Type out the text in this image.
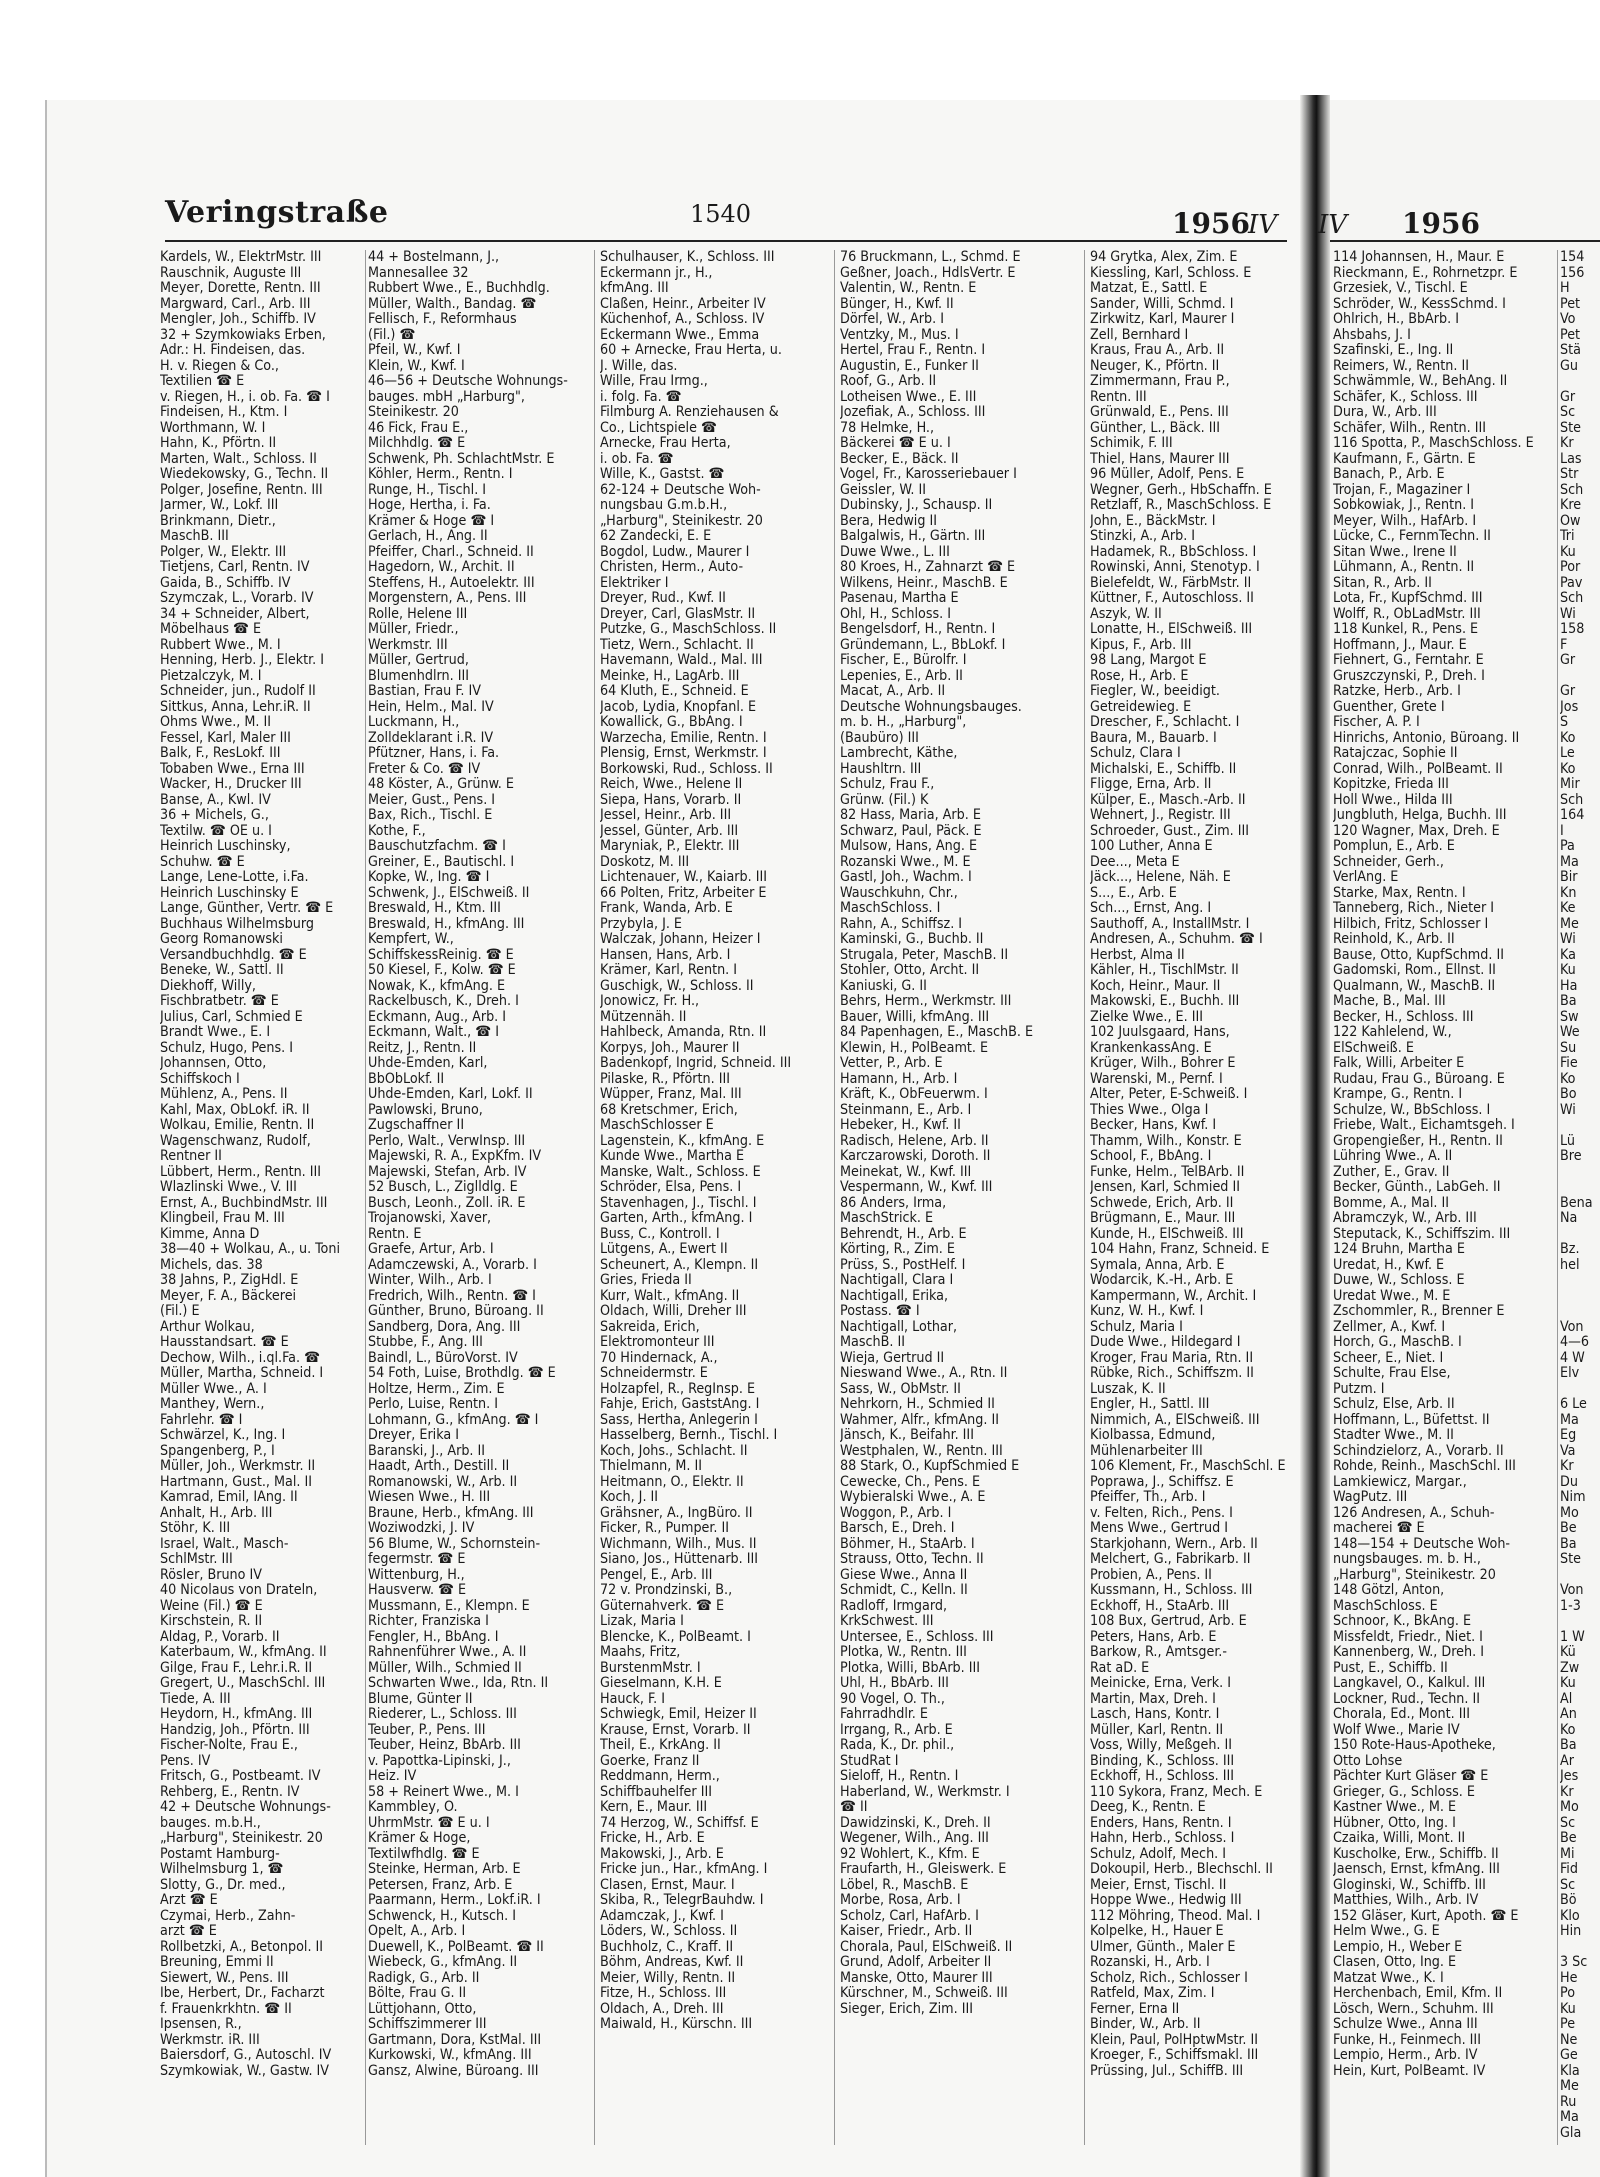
Veringstraße	1540	1956
IV IV 1956
Kardels, W., ElektrMstr. III
Rauschnik, Auguste III
Meyer, Dorette, Rentn. III
Margward, Carl., Arb. III
Mengler, Joh., Schiffb. IV
32 + Szymkowiaks Erben,
Adr.: H. Findeisen, das.
H. v. Riegen & Co.,
Textilien ☎ E
v. Riegen, H., i. ob. Fa. ☎ I
Findeisen, H., Ktm. I
Worthmann, W. I
Hahn, K., Pförtn. II
Marten, Walt., Schloss. II
Wiedekowsky, G., Techn. II
Polger, Josefine, Rentn. III
Jarmer, W., Lokf. III
Brinkmann, Dietr.,
MaschB. III
Polger, W., Elektr. III
Tietjens, Carl, Rentn. IV
Gaida, B., Schiffb. IV
Szymczak, L., Vorarb. IV
34 + Schneider, Albert,
Möbelhaus ☎ E
Rubbert Wwe., M. I
Henning, Herb. J., Elektr. I
Pietzalczyk, M. I
Schneider, jun., Rudolf II
Sittkus, Anna, Lehr.iR. II
Ohms Wwe., M. II
Fessel, Karl, Maler III
Balk, F., ResLokf. III
Tobaben Wwe., Erna III
Wacker, H., Drucker III
Banse, A., Kwl. IV
36 + Michels, G.,
Textilw. ☎ OE u. I
Heinrich Luschinsky,
Schuhw. ☎ E
Lange, Lene-Lotte, i.Fa.
Heinrich Luschinsky E
Lange, Günther, Vertr. ☎ E
Buchhaus Wilhelmsburg
Georg Romanowski
Versandbuchhdlg. ☎ E
Beneke, W., Sattl. II
Diekhoff, Willy,
Fischbratbetr. ☎ E
Julius, Carl, Schmied E
Brandt Wwe., E. I
Schulz, Hugo, Pens. I
Johannsen, Otto,
Schiffskoch I
Mühlenz, A., Pens. II
Kahl, Max, ObLokf. iR. II
Wolkau, Emilie, Rentn. II
Wagenschwanz, Rudolf,
Rentner II
Lübbert, Herm., Rentn. III
Wlazlinski Wwe., V. III
Ernst, A., BuchbindMstr. III
Klingbeil, Frau M. III
Kimme, Anna D
38—40 + Wolkau, A., u. Toni
Michels, das. 38
38 Jahns, P., ZigHdl. E
Meyer, F. A., Bäckerei
(Fil.) E
Arthur Wolkau,
Hausstandsart. ☎ E
Dechow, Wilh., i.ql.Fa. ☎
Müller, Martha, Schneid. I
Müller Wwe., A. I
Manthey, Wern.,
Fahrlehr. ☎ I
Schwärzel, K., Ing. I
Spangenberg, P., I
Müller, Joh., Werkmstr. II
Hartmann, Gust., Mal. II
Kamrad, Emil, IAng. II
Anhalt, H., Arb. III
Stöhr, K. III
Israel, Walt., Masch-
SchlMstr. III
Rösler, Bruno IV
40 Nicolaus von Drateln,
Weine (Fil.) ☎ E
Kirschstein, R. II
Aldag, P., Vorarb. II
Katerbaum, W., kfmAng. II
Gilge, Frau F., Lehr.i.R. II
Gregert, U., MaschSchl. III
Tiede, A. III
Heydorn, H., kfmAng. III
Handzig, Joh., Pförtn. III
Fischer-Nolte, Frau E.,
Pens. IV
Fritsch, G., Postbeamt. IV
Rehberg, E., Rentn. IV
42 + Deutsche Wohnungs-
bauges. m.b.H.,
„Harburg", Steinikestr. 20
Postamt Hamburg-
Wilhelmsburg 1, ☎
Slotty, G., Dr. med.,
Arzt ☎ E
Czymai, Herb., Zahn-
arzt ☎ E
Rollbetzki, A., Betonpol. II
Breuning, Emmi II
Siewert, W., Pens. III
Ibe, Herbert, Dr., Facharzt
f. Frauenkrkhtn. ☎ II
Ipsensen, R.,
Werkmstr. iR. III
Baiersdorf, G., Autoschl. IV
Szymkowiak, W., Gastw. IV
44 + Bostelmann, J.,
Mannesallee 32
Rubbert Wwe., E., Buchhdlg.
Müller, Walth., Bandag. ☎
Fellisch, F., Reformhaus
(Fil.) ☎
Pfeil, W., Kwf. I
Klein, W., Kwf. I
46—56 + Deutsche Wohnungs-
bauges. mbH „Harburg",
Steinikestr. 20
46 Fick, Frau E.,
Milchhdlg. ☎ E
Schwenk, Ph. SchlachtMstr. E
Köhler, Herm., Rentn. I
Runge, H., Tischl. I
Hoge, Hertha, i. Fa.
Krämer & Hoge ☎ I
Gerlach, H., Ang. II
Pfeiffer, Charl., Schneid. II
Hagedorn, W., Archit. II
Steffens, H., Autoelektr. III
Morgenstern, A., Pens. III
Rolle, Helene III
Müller, Friedr.,
Werkmstr. III
Müller, Gertrud,
Blumenhdlrn. III
Bastian, Frau F. IV
Hein, Helm., Mal. IV
Luckmann, H.,
Zolldeklarant i.R. IV
Pfützner, Hans, i. Fa.
Freter & Co. ☎ IV
48 Köster, A., Grünw. E
Meier, Gust., Pens. I
Bax, Rich., Tischl. E
Kothe, F.,
Bauschutzfachm. ☎ I
Greiner, E., Bautischl. I
Kopke, W., Ing. ☎ I
Schwenk, J., ElSchweiß. II
Breswald, H., Ktm. III
Breswald, H., kfmAng. III
Kempfert, W.,
SchiffskessReinig. ☎ E
50 Kiesel, F., Kolw. ☎ E
Nowak, K., kfmAng. E
Rackelbusch, K., Dreh. I
Eckmann, Aug., Arb. I
Eckmann, Walt., ☎ I
Reitz, J., Rentn. II
Uhde-Emden, Karl,
BbObLokf. II
Uhde-Emden, Karl, Lokf. II
Pawlowski, Bruno,
Zugschaffner II
Perlo, Walt., VerwInsp. III
Majewski, R. A., ExpKfm. IV
Majewski, Stefan, Arb. IV
52 Busch, L., Ziglldlg. E
Busch, Leonh., Zoll. iR. E
Trojanowski, Xaver,
Rentn. E
Graefe, Artur, Arb. I
Adamczewski, A., Vorarb. I
Winter, Wilh., Arb. I
Fredrich, Wilh., Rentn. ☎ I
Günther, Bruno, Büroang. II
Sandberg, Dora, Ang. III
Stubbe, F., Ang. III
Baindl, L., BüroVorst. IV
54 Foth, Luise, Brothdlg. ☎ E
Holtze, Herm., Zim. E
Perlo, Luise, Rentn. I
Lohmann, G., kfmAng. ☎ I
Dreyer, Erika I
Baranski, J., Arb. II
Haadt, Arth., Destill. II
Romanowski, W., Arb. II
Wiesen Wwe., H. III
Braune, Herb., kfmAng. III
Woziwodzki, J. IV
56 Blume, W., Schornstein-
fegermstr. ☎ E
Wittenburg, H.,
Hausverw. ☎ E
Mussmann, E., Klempn. E
Richter, Franziska I
Fengler, H., BbAng. I
Rahnenführer Wwe., A. II
Müller, Wilh., Schmied II
Schwarten Wwe., Ida, Rtn. II
Blume, Günter II
Riederer, L., Schloss. III
Teuber, P., Pens. III
Teuber, Heinz, BbArb. III
v. Papottka-Lipinski, J.,
Heiz. IV
58 + Reinert Wwe., M. I
Kammbley, O.
UhrmMstr. ☎ E u. I
Krämer & Hoge,
Textilwfhdlg. ☎ E
Steinke, Herman, Arb. E
Petersen, Franz, Arb. E
Paarmann, Herm., Lokf.iR. I
Schwenck, H., Kutsch. I
Opelt, A., Arb. I
Duewell, K., PolBeamt. ☎ II
Wiebeck, G., kfmAng. II
Radigk, G., Arb. II
Bölte, Frau G. II
Lüttjohann, Otto,
Schiffszimmerer III
Gartmann, Dora, KstMal. III
Kurkowski, W., kfmAng. III
Gansz, Alwine, Büroang. III
Schulhauser, K., Schloss. III
Eckermann jr., H.,
kfmAng. III
Claßen, Heinr., Arbeiter IV
Küchenhof, A., Schloss. IV
Eckermann Wwe., Emma
60 + Arnecke, Frau Herta, u.
J. Wille, das.
Wille, Frau Irmg.,
i. folg. Fa. ☎
Filmburg A. Renziehausen &
Co., Lichtspiele ☎
Arnecke, Frau Herta,
i. ob. Fa. ☎
Wille, K., Gastst. ☎
62-124 + Deutsche Woh-
nungsbau G.m.b.H.,
„Harburg", Steinikestr. 20
62 Zandecki, E. E
Bogdol, Ludw., Maurer I
Christen, Herm., Auto-
Elektriker I
Dreyer, Rud., Kwf. II
Dreyer, Carl, GlasMstr. II
Putzke, G., MaschSchloss. II
Tietz, Wern., Schlacht. II
Havemann, Wald., Mal. III
Meinke, H., LagArb. III
64 Kluth, E., Schneid. E
Jacob, Lydia, Knopfanl. E
Kowallick, G., BbAng. I
Warzecha, Emilie, Rentn. I
Plensig, Ernst, Werkmstr. I
Borkowski, Rud., Schloss. II
Reich, Wwe., Helene II
Siepa, Hans, Vorarb. II
Jessel, Heinr., Arb. III
Jessel, Günter, Arb. III
Maryniak, P., Elektr. III
Doskotz, M. III
Lichtenauer, W., Kaiarb. III
66 Polten, Fritz, Arbeiter E
Frank, Wanda, Arb. E
Przybyla, J. E
Walczak, Johann, Heizer I
Hansen, Hans, Arb. I
Krämer, Karl, Rentn. I
Guschigk, W., Schloss. II
Jonowicz, Fr. H.,
Mützennäh. II
Hahlbeck, Amanda, Rtn. II
Korpys, Joh., Maurer II
Badenkopf, Ingrid, Schneid. III
Pilaske, R., Pförtn. III
Wüpper, Franz, Mal. III
68 Kretschmer, Erich,
MaschSchlosser E
Lagenstein, K., kfmAng. E
Kunde Wwe., Martha E
Manske, Walt., Schloss. E
Schröder, Elsa, Pens. I
Stavenhagen, J., Tischl. I
Garten, Arth., kfmAng. I
Buss, C., Kontroll. I
Lütgens, A., Ewert II
Scheunert, A., Klempn. II
Gries, Frieda II
Kurr, Walt., kfmAng. II
Oldach, Willi, Dreher III
Sakreida, Erich,
Elektromonteur III
70 Hindernack, A.,
Schneidermstr. E
Holzapfel, R., RegInsp. E
Fahje, Erich, GaststAng. I
Sass, Hertha, Anlegerin I
Hasselberg, Bernh., Tischl. I
Koch, Johs., Schlacht. II
Thielmann, M. II
Heitmann, O., Elektr. II
Koch, J. II
Grähsner, A., IngBüro. II
Ficker, R., Pumper. II
Wichmann, Wilh., Mus. II
Siano, Jos., Hüttenarb. III
Pengel, E., Arb. III
72 v. Prondzinski, B.,
Güternahverk. ☎ E
Lizak, Maria I
Blencke, K., PolBeamt. I
Maahs, Fritz,
BurstenmMstr. I
Gieselmann, K.H. E
Hauck, F. I
Schwiegk, Emil, Heizer II
Krause, Ernst, Vorarb. II
Theil, E., KrkAng. II
Goerke, Franz II
Reddmann, Herm.,
Schiffbauhelfer III
Kern, E., Maur. III
74 Herzog, W., Schiffsf. E
Fricke, H., Arb. E
Makowski, J., Arb. E
Fricke jun., Har., kfmAng. I
Clasen, Ernst, Maur. I
Skiba, R., TelegrBauhdw. I
Adamczak, J., Kwf. I
Löders, W., Schloss. II
Buchholz, C., Kraff. II
Böhm, Andreas, Kwf. II
Meier, Willy, Rentn. II
Fitze, H., Schloss. III
Oldach, A., Dreh. III
Maiwald, H., Kürschn. III
76 Bruckmann, L., Schmd. E
Geßner, Joach., HdlsVertr. E
Valentin, W., Rentn. E
Bünger, H., Kwf. II
Dörfel, W., Arb. I
Ventzky, M., Mus. I
Hertel, Frau F., Rentn. I
Augustin, E., Funker II
Roof, G., Arb. II
Lotheisen Wwe., E. III
Jozefiak, A., Schloss. III
78 Helmke, H.,
Bäckerei ☎ E u. I
Becker, E., Bäck. II
Vogel, Fr., Karosseriebauer I
Geissler, W. II
Dubinsky, J., Schausp. II
Bera, Hedwig II
Balgalwis, H., Gärtn. III
Duwe Wwe., L. III
80 Kroes, H., Zahnarzt ☎ E
Wilkens, Heinr., MaschB. E
Pasenau, Martha E
Ohl, H., Schloss. I
Bengelsdorf, H., Rentn. I
Gründemann, L., BbLokf. I
Fischer, E., Bürolfr. I
Lepenies, E., Arb. II
Macat, A., Arb. II
Deutsche Wohnungsbauges.
m. b. H., „Harburg",
(Baubüro) III
Lambrecht, Käthe,
Haushltrn. III
Schulz, Frau F.,
Grünw. (Fil.) K
82 Hass, Maria, Arb. E
Schwarz, Paul, Päck. E
Mulsow, Hans, Ang. E
Rozanski Wwe., M. E
Gastl, Joh., Wachm. I
Wauschkuhn, Chr.,
MaschSchloss. I
Rahn, A., Schiffsz. I
Kaminski, G., Buchb. II
Strugala, Peter, MaschB. II
Stohler, Otto, Archt. II
Kaniuski, G. II
Behrs, Herm., Werkmstr. III
Bauer, Willi, kfmAng. III
84 Papenhagen, E., MaschB. E
Klewin, H., PolBeamt. E
Vetter, P., Arb. E
Hamann, H., Arb. I
Kräft, K., ObFeuerwm. I
Steinmann, E., Arb. I
Hebeker, H., Kwf. II
Radisch, Helene, Arb. II
Karczarowski, Doroth. II
Meinekat, W., Kwf. III
Vespermann, W., Kwf. III
86 Anders, Irma,
MaschStrick. E
Behrendt, H., Arb. E
Körting, R., Zim. E
Prüss, S., PostHelf. I
Nachtigall, Clara I
Nachtigall, Erika,
Postass. ☎ I
Nachtigall, Lothar,
MaschB. II
Wieja, Gertrud II
Nieswand Wwe., A., Rtn. II
Sass, W., ObMstr. II
Nehrkorn, H., Schmied II
Wahmer, Alfr., kfmAng. II
Jänsch, K., Beifahr. III
Westphalen, W., Rentn. III
88 Stark, O., KupfSchmied E
Cewecke, Ch., Pens. E
Wybieralski Wwe., A. E
Woggon, P., Arb. I
Barsch, E., Dreh. I
Böhmer, H., StaArb. I
Strauss, Otto, Techn. II
Giese Wwe., Anna II
Schmidt, C., Kelln. II
Radloff, Irmgard,
KrkSchwest. III
Untersee, E., Schloss. III
Plotka, W., Rentn. III
Plotka, Willi, BbArb. III
Uhl, H., BbArb. III
90 Vogel, O. Th.,
Fahrradhdlr. E
Irrgang, R., Arb. E
Rada, K., Dr. phil.,
StudRat I
Sieloff, H., Rentn. I
Haberland, W., Werkmstr. I
☎ II
Dawidzinski, K., Dreh. II
Wegener, Wilh., Ang. III
92 Wohlert, K., Kfm. E
Fraufarth, H., Gleiswerk. E
Löbel, R., MaschB. E
Morbe, Rosa, Arb. I
Scholz, Carl, HafArb. I
Kaiser, Friedr., Arb. II
Chorala, Paul, ElSchweiß. II
Grund, Adolf, Arbeiter II
Manske, Otto, Maurer III
Kürschner, M., Schweiß. III
Sieger, Erich, Zim. III
94 Grytka, Alex, Zim. E
Kiessling, Karl, Schloss. E
Matzat, E., Sattl. E
Sander, Willi, Schmd. I
Zirkwitz, Karl, Maurer I
Zell, Bernhard I
Kraus, Frau A., Arb. II
Neuger, K., Pförtn. II
Zimmermann, Frau P.,
Rentn. III
Grünwald, E., Pens. III
Günther, L., Bäck. III
Schimik, F. III
Thiel, Hans, Maurer III
96 Müller, Adolf, Pens. E
Wegner, Gerh., HbSchaffn. E
Retzlaff, R., MaschSchloss. E
John, E., BäckMstr. I
Stinzki, A., Arb. I
Hadamek, R., BbSchloss. I
Rowinski, Anni, Stenotyp. I
Bielefeldt, W., FärbMstr. II
Küttner, F., Autoschloss. II
Aszyk, W. II
Lonatte, H., ElSchweiß. III
Kipus, F., Arb. III
98 Lang, Margot E
Rose, H., Arb. E
Fiegler, W., beeidigt.
Getreidewieg. E
Drescher, F., Schlacht. I
Baura, M., Bauarb. I
Schulz, Clara I
Michalski, E., Schiffb. II
Fligge, Erna, Arb. II
Külper, E., Masch.-Arb. II
Wehnert, J., Registr. III
Schroeder, Gust., Zim. III
100 Luther, Anna E
Dee..., Meta E
Jäck..., Helene, Näh. E
S..., E., Arb. E
Sch..., Ernst, Ang. I
Sauthoff, A., InstallMstr. I
Andresen, A., Schuhm. ☎ I
Herbst, Alma II
Kähler, H., TischlMstr. II
Koch, Heinr., Maur. II
Makowski, E., Buchh. III
Zielke Wwe., E. III
102 Juulsgaard, Hans,
KrankenkassAng. E
Krüger, Wilh., Bohrer E
Warenski, M., Pernf. I
Alter, Peter, E-Schweiß. I
Thies Wwe., Olga I
Becker, Hans, Kwf. I
Thamm, Wilh., Konstr. E
School, F., BbAng. I
Funke, Helm., TelBArb. II
Jensen, Karl, Schmied II
Schwede, Erich, Arb. II
Brügmann, E., Maur. III
Kunde, H., ElSchweiß. III
104 Hahn, Franz, Schneid. E
Symala, Anna, Arb. E
Wodarcik, K.-H., Arb. E
Kampermann, W., Archit. I
Kunz, W. H., Kwf. I
Schulz, Maria I
Dude Wwe., Hildegard I
Kroger, Frau Maria, Rtn. II
Rübke, Rich., Schiffszm. II
Luszak, K. II
Engler, H., Sattl. III
Nimmich, A., ElSchweiß. III
Kiolbassa, Edmund,
Mühlenarbeiter III
106 Klement, Fr., MaschSchl. E
Poprawa, J., Schiffsz. E
Pfeiffer, Th., Arb. I
v. Felten, Rich., Pens. I
Mens Wwe., Gertrud I
Starkjohann, Wern., Arb. II
Melchert, G., Fabrikarb. II
Probien, A., Pens. II
Kussmann, H., Schloss. III
Eckhoff, H., StaArb. III
108 Bux, Gertrud, Arb. E
Peters, Hans, Arb. E
Barkow, R., Amtsger.-
Rat aD. E
Meinicke, Erna, Verk. I
Martin, Max, Dreh. I
Lasch, Hans, Kontr. I
Müller, Karl, Rentn. II
Voss, Willy, Meßgeh. II
Binding, K., Schloss. III
Eckhoff, H., Schloss. III
110 Sykora, Franz, Mech. E
Deeg, K., Rentn. E
Enders, Hans, Rentn. I
Hahn, Herb., Schloss. I
Schulz, Adolf, Mech. I
Dokoupil, Herb., Blechschl. II
Meier, Ernst, Tischl. II
Hoppe Wwe., Hedwig III
112 Möhring, Theod. Mal. I
Kolpelke, H., Hauer E
Ulmer, Günth., Maler E
Rozanski, H., Arb. I
Scholz, Rich., Schlosser I
Ratfeld, Max, Zim. I
Ferner, Erna II
Binder, W., Arb. II
Klein, Paul, PolHptwMstr. II
Kroeger, F., Schiffsmakl. III
Prüssing, Jul., SchiffB. III
114 Johannsen, H., Maur. E
Rieckmann, E., Rohrnetzpr. E
Grzesiek, V., Tischl. E
Schröder, W., KessSchmd. I
Ohlrich, H., BbArb. I
Ahsbahs, J. I
Szafinski, E., Ing. II
Reimers, W., Rentn. II
Schwämmle, W., BehAng. II
Schäfer, K., Schloss. III
Dura, W., Arb. III
Schäfer, Wilh., Rentn. III
116 Spotta, P., MaschSchloss. E
Kaufmann, F., Gärtn. E
Banach, P., Arb. E
Trojan, F., Magaziner I
Sobkowiak, J., Rentn. I
Meyer, Wilh., HafArb. I
Lücke, C., FernmTechn. II
Sitan Wwe., Irene II
Lühmann, A., Rentn. II
Sitan, R., Arb. II
Lota, Fr., KupfSchmd. III
Wolff, R., ObLadMstr. III
118 Kunkel, R., Pens. E
Hoffmann, J., Maur. E
Fiehnert, G., Ferntahr. E
Gruszczynski, P., Dreh. I
Ratzke, Herb., Arb. I
Guenther, Grete I
Fischer, A. P. I
Hinrichs, Antonio, Büroang. II
Ratajczac, Sophie II
Conrad, Wilh., PolBeamt. II
Kopitzke, Frieda III
Holl Wwe., Hilda III
Jungbluth, Helga, Buchh. III
120 Wagner, Max, Dreh. E
Pomplun, E., Arb. E
Schneider, Gerh.,
VerlAng. E
Starke, Max, Rentn. I
Tanneberg, Rich., Nieter I
Hilbich, Fritz, Schlosser I
Reinhold, K., Arb. II
Bause, Otto, KupfSchmd. II
Gadomski, Rom., Ellnst. II
Qualmann, W., MaschB. II
Mache, B., Mal. III
Becker, H., Schloss. III
122 Kahlelend, W.,
ElSchweiß. E
Falk, Willi, Arbeiter E
Rudau, Frau G., Büroang. E
Krampe, G., Rentn. I
Schulze, W., BbSchloss. I
Friebe, Walt., Eichamtsgeh. I
Gropengießer, H., Rentn. II
Lühring Wwe., A. II
Zuther, E., Grav. II
Becker, Günth., LabGeh. II
Bomme, A., Mal. II
Abramczyk, W., Arb. III
Steputack, K., Schiffszim. III
124 Bruhn, Martha E
Uredat, H., Kwf. E
Duwe, W., Schloss. E
Uredat Wwe., M. E
Zschommler, R., Brenner E
Zellmer, A., Kwf. I
Horch, G., MaschB. I
Scheer, E., Niet. I
Schulte, Frau Else,
Putzm. I
Schulz, Else, Arb. II
Hoffmann, L., Büfettst. II
Stadter Wwe., M. II
Schindzielorz, A., Vorarb. II
Rohde, Reinh., MaschSchl. III
Lamkiewicz, Margar.,
WagPutz. III
126 Andresen, A., Schuh-
macherei ☎ E
148—154 + Deutsche Woh-
nungsbauges. m. b. H.,
„Harburg", Steinikestr. 20
148 Götzl, Anton,
MaschSchloss. E
Schnoor, K., BkAng. E
Missfeldt, Friedr., Niet. I
Kannenberg, W., Dreh. I
Pust, E., Schiffb. II
Langkavel, O., Kalkul. III
Lockner, Rud., Techn. II
Chorala, Ed., Mont. III
Wolf Wwe., Marie IV
150 Rote-Haus-Apotheke,
Otto Lohse
Pächter Kurt Gläser ☎ E
Grieger, G., Schloss. E
Kastner Wwe., M. E
Hübner, Otto, Ing. I
Czaika, Willi, Mont. II
Kuscholke, Erw., Schiffb. II
Jaensch, Ernst, kfmAng. III
Gloginski, W., Schiffb. III
Matthies, Wilh., Arb. IV
152 Gläser, Kurt, Apoth. ☎ E
Helm Wwe., G. E
Lempio, H., Weber E
Clasen, Otto, Ing. E
Matzat Wwe., K. I
Herchenbach, Emil, Kfm. II
Lösch, Wern., Schuhm. III
Schulze Wwe., Anna III
Funke, H., Feinmech. III
Lempio, Herm., Arb. IV
Hein, Kurt, PolBeamt. IV
154
156
H
Pet
Vo
Pet
Stä
Gu

Gr
Sc
Ste
Kr
Las
Str
Sch
Kre
Ow
Tri
Ku
Por
Pav
Sch
Wi
158
F
Gr

Gr
Jos
S
Ko
Le
Ko
Mir
Sch
164
I
Pa
Ma
Bir
Kn
Ke
Me
Wi
Ka
Ku
Ha
Ba
Sw
We
Su
Fie
Ko
Bo
Wi

Lü
Bre

Bena
Na

Bz.
hel

Von
4—6
4 W
Elv

6 Le
Ma
Eg
Va
Kr
Du
Nim
Mo
Be
Ba
Ste

Von
1-3

1 W
Kü
Zw
Ku
Al
An
Ko
Ba
Ar
Jes
Kr
Mo
Sc
Be
Mi
Fid
Sc
Bö
Klo
Hin

3 Sc
He
Po
Ku
Pe
Ne
Ge
Kla
Me
Ru
Ma
Gla
